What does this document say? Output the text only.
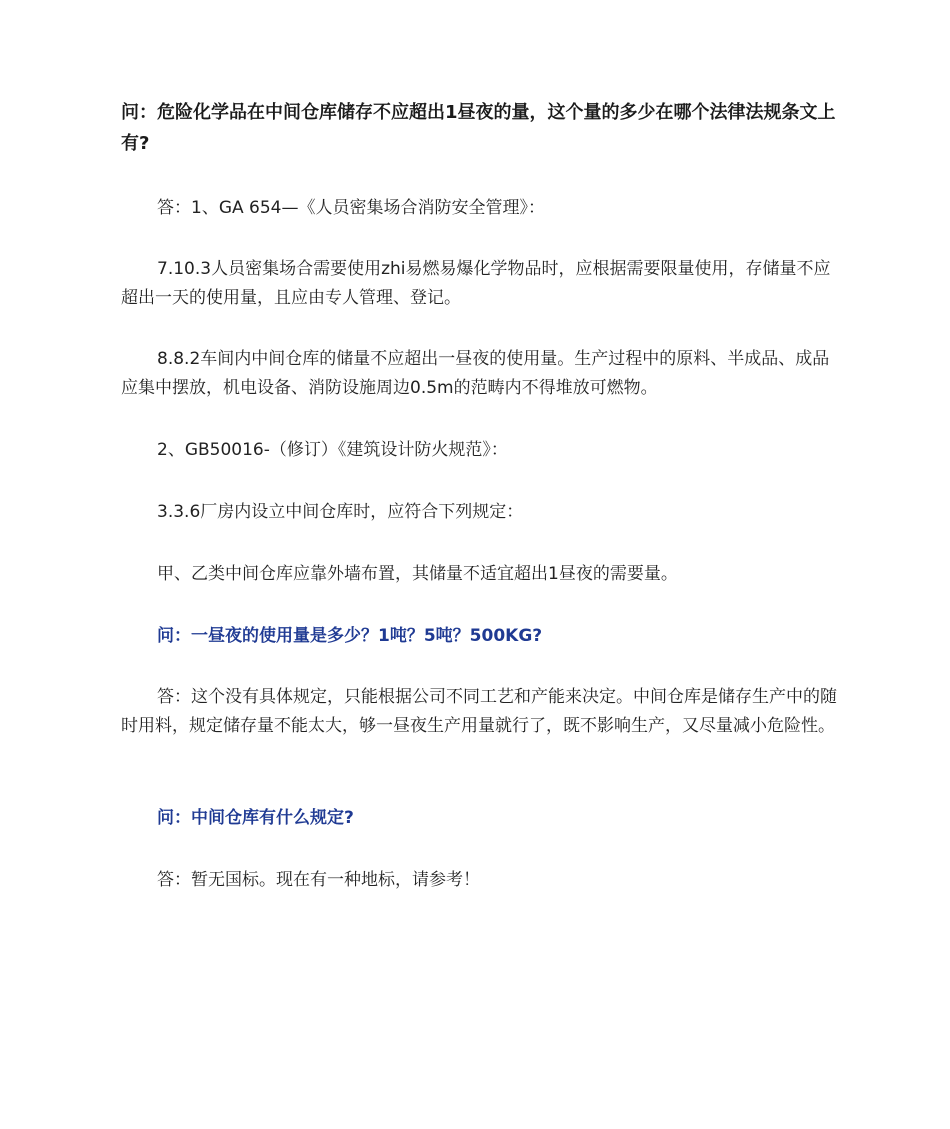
问：危险化学品在中间仓库储存不应超出1昼夜的量，这个量的多少在哪个法律法规条文上有?

答：1、GA 654—《人员密集场合消防安全管理》：

7.10.3人员密集场合需要使用zhi易燃易爆化学物品时，应根据需要限量使用，存储量不应超出一天的使用量，且应由专人管理、登记。

8.8.2车间内中间仓库的储量不应超出一昼夜的使用量。生产过程中的原料、半成品、成品应集中摆放，机电设备、消防设施周边0.5m的范畴内不得堆放可燃物。

2、GB50016-（修订）《建筑设计防火规范》：

3.3.6厂房内设立中间仓库时，应符合下列规定：

甲、乙类中间仓库应靠外墙布置，其储量不适宜超出1昼夜的需要量。

问：一昼夜的使用量是多少？1吨？5吨？500KG?

答：这个没有具体规定，只能根据公司不同工艺和产能来决定。中间仓库是储存生产中的随时用料，规定储存量不能太大，够一昼夜生产用量就行了，既不影响生产，又尽量减小危险性。

问：中间仓库有什么规定?

答：暂无国标。现在有一种地标，请参考！
